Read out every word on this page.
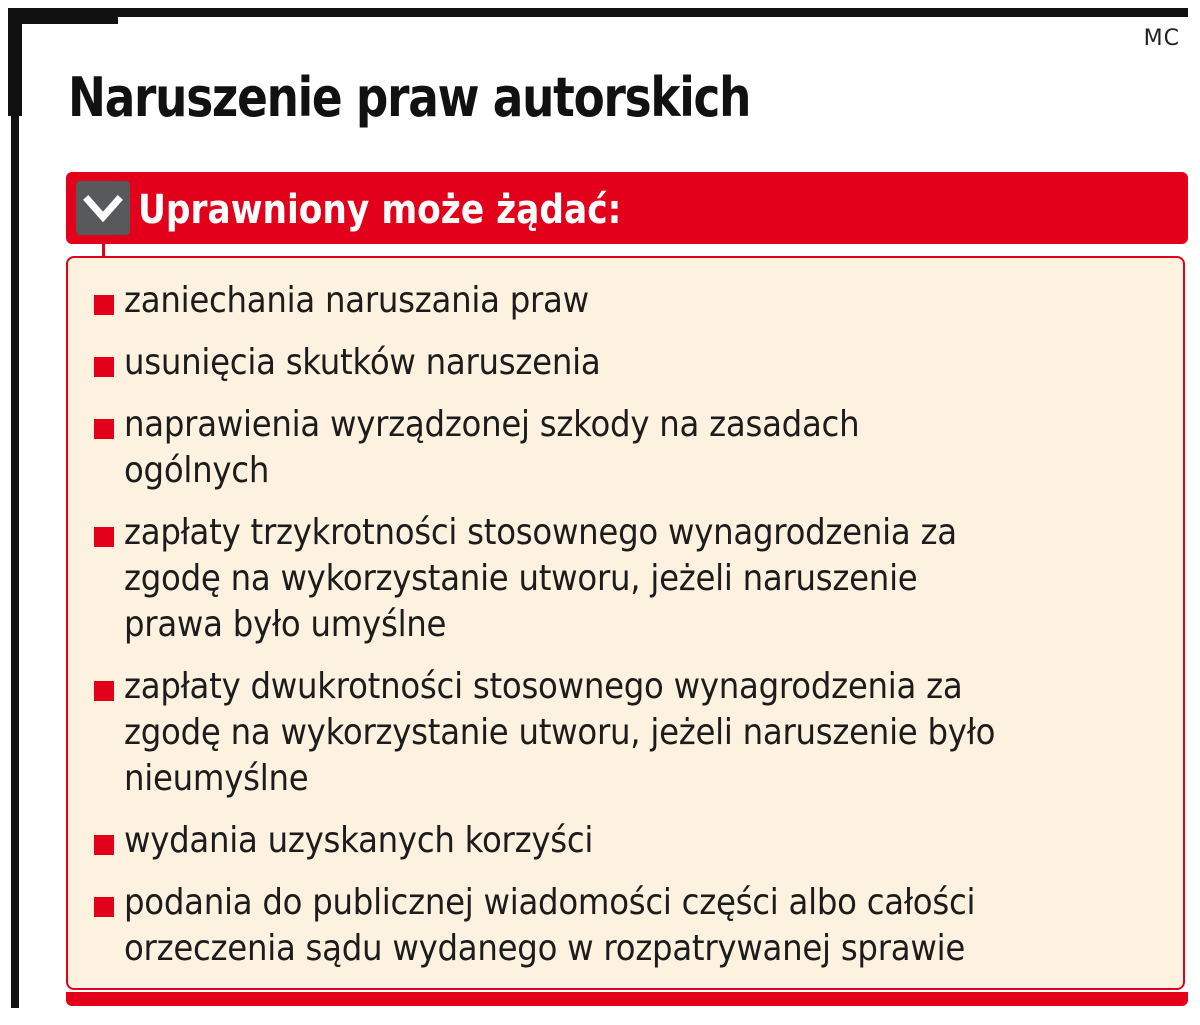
MC
Naruszenie praw autorskich
Uprawniony może żądać:
zaniechania naruszania praw
usunięcia skutków naruszenia
naprawienia wyrządzonej szkody na zasadach
ogólnych
zapłaty trzykrotności stosownego wynagrodzenia za
zgodę na wykorzystanie utworu, jeżeli naruszenie
prawa było umyślne
zapłaty dwukrotności stosownego wynagrodzenia za
zgodę na wykorzystanie utworu, jeżeli naruszenie było
nieumyślne
wydania uzyskanych korzyści
podania do publicznej wiadomości części albo całości
orzeczenia sądu wydanego w rozpatrywanej sprawie
